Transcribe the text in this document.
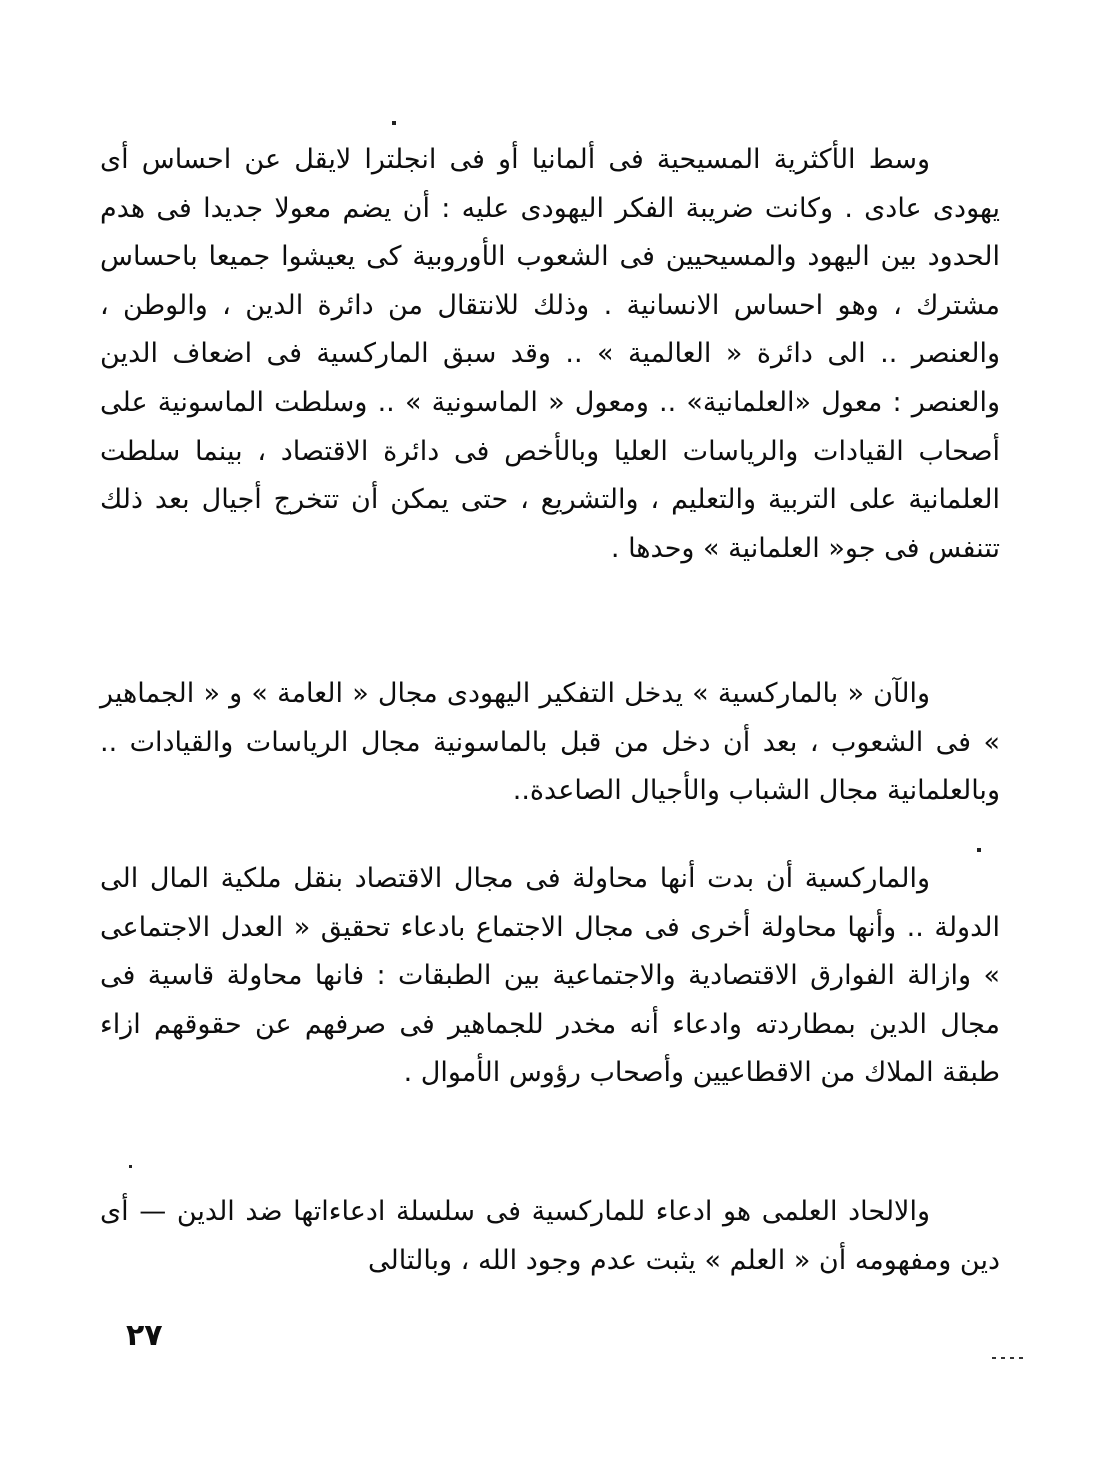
وسط الأكثرية المسيحية فى ألمانيا أو فى انجلترا لايقل عن احساس أى يهودى عادى . وكانت ضريبة الفكر اليهودى عليه : أن يضم معولا جديدا فى هدم الحدود بين اليهود والمسيحيين فى الشعوب الأوروبية كى يعيشوا جميعا باحساس مشترك ، وهو احساس الانسانية . وذلك للانتقال من دائرة الدين ، والوطن ، والعنصر .. الى دائرة « العالمية » .. وقد سبق الماركسية فى اضعاف الدين والعنصر : معول «العلمانية» .. ومعول « الماسونية » .. وسلطت الماسونية على أصحاب القيادات والرياسات العليا وبالأخص فى دائرة الاقتصاد ، بينما سلطت العلمانية على التربية والتعليم ، والتشريع ، حتى يمكن أن تتخرج أجيال بعد ذلك تتنفس فى جو« العلمانية » وحدها .

والآن « بالماركسية » يدخل التفكير اليهودى مجال « العامة » و « الجماهير » فى الشعوب ، بعد أن دخل من قبل بالماسونية مجال الرياسات والقيادات .. وبالعلمانية مجال الشباب والأجيال الصاعدة..

والماركسية أن بدت أنها محاولة فى مجال الاقتصاد بنقل ملكية المال الى الدولة .. وأنها محاولة أخرى فى مجال الاجتماع بادعاء تحقيق « العدل الاجتماعى » وازالة الفوارق الاقتصادية والاجتماعية بين الطبقات : فانها محاولة قاسية فى مجال الدين بمطاردته وادعاء أنه مخدر للجماهير فى صرفهم عن حقوقهم ازاء طبقة الملاك من الاقطاعيين وأصحاب رؤوس الأموال .

والالحاد العلمى هو ادعاء للماركسية فى سلسلة ادعاءاتها ضد الدين — أى دين ومفهومه أن « العلم » يثبت عدم وجود الله ، وبالتالى

٢٧
